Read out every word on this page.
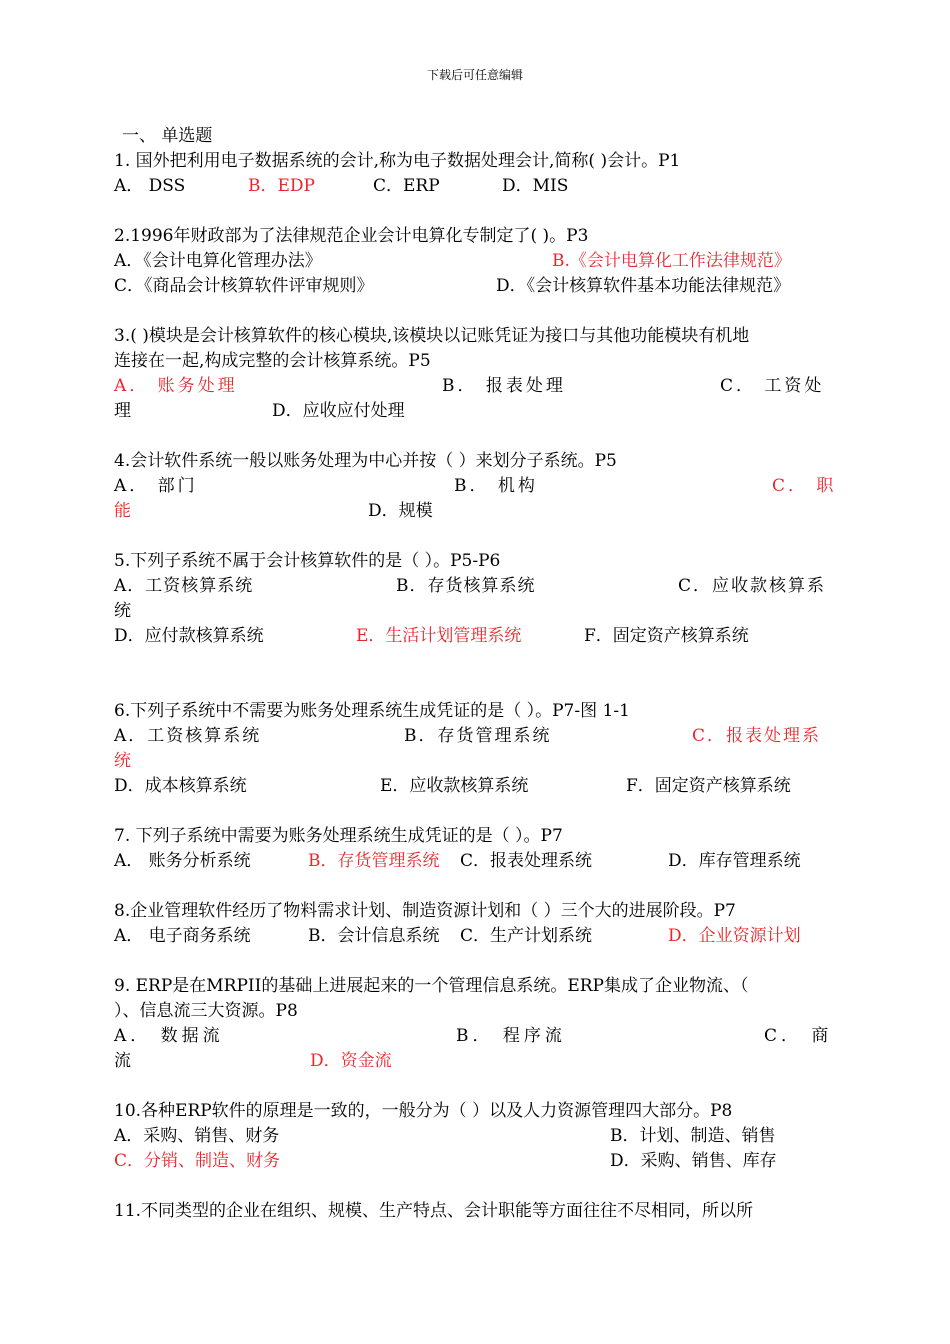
下载后可任意编辑
一、 单选题
1. 国外把利用电子数据系统的会计,称为电子数据处理会计,简称( )会计。P1
A． DSS	B．EDP	C．ERP	D．MIS
2.1996年财政部为了法律规范企业会计电算化专制定了( )。P3
A．《会计电算化管理办法》	B.《会计电算化工作法律规范》
C．《商品会计核算软件评审规则》	D．《会计核算软件基本功能法律规范》
3.( )模块是会计核算软件的核心模块,该模块以记账凭证为接口与其他功能模块有机地
连接在一起,构成完整的会计核算系统。P5
A． 账务处理	B． 报表处理	C． 工资处
理	D．应收应付处理
4.会计软件系统一般以账务处理为中心并按（ ）来划分子系统。P5
A． 部门	B． 机构	C． 职
能	D．规模
5.下列子系统不属于会计核算软件的是（ ）。P5-P6
A．工资核算系统	B．存货核算系统	C．应收款核算系
统
D．应付款核算系统	E．生活计划管理系统	F．固定资产核算系统
6.下列子系统中不需要为账务处理系统生成凭证的是（ ）。P7-图 1-1
A．工资核算系统	B．存货管理系统	C．报表处理系
统
D．成本核算系统	E．应收款核算系统	F．固定资产核算系统
7. 下列子系统中需要为账务处理系统生成凭证的是（ ）。P7
A． 账务分析系统	B．存货管理系统 C．报表处理系统	D．库存管理系统
8.企业管理软件经历了物料需求计划、制造资源计划和（ ）三个大的进展阶段。P7
A． 电子商务系统	B．会计信息系统 C．生产计划系统	D．企业资源计划
9. ERP是在MRPII的基础上进展起来的一个管理信息系统。ERP集成了企业物流、（
）、信息流三大资源。P8
A． 数据流	B． 程序流	C． 商
流	D．资金流
10.各种ERP软件的原理是一致的，一般分为（ ）以及人力资源管理四大部分。P8
A．采购、销售、财务	B．计划、制造、销售
C．分销、制造、财务	D．采购、销售、库存
11.不同类型的企业在组织、规模、生产特点、会计职能等方面往往不尽相同，所以所
